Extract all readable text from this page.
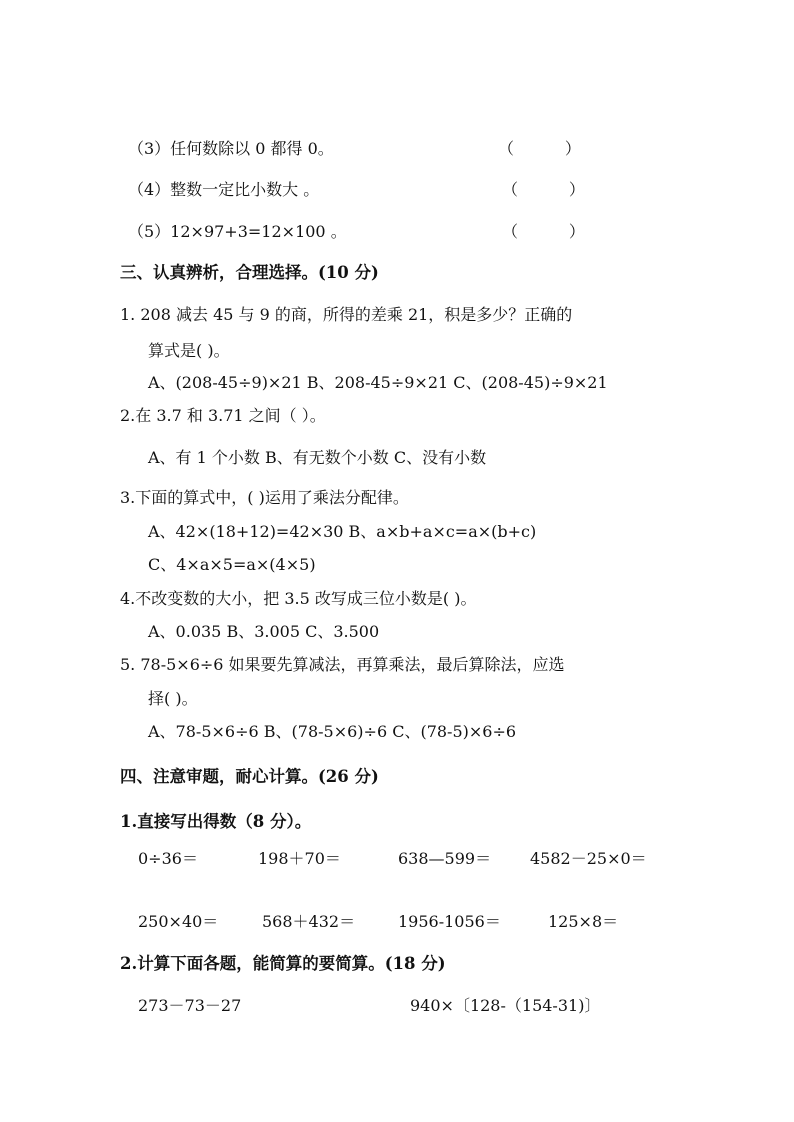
（3）任何数除以 0 都得 0。	（          ）
（4）整数一定比小数大 。	（          ）
（5）12×97+3=12×100 。	（          ）
三、认真辨析，合理选择。(10 分)
1. 208 减去 45 与 9 的商，所得的差乘 21，积是多少？正确的
算式是( )。
A、(208-45÷9)×21 B、208-45÷9×21 C、(208-45)÷9×21
2.在 3.7 和 3.71 之间（ ）。
A、有 1 个小数 B、有无数个小数 C、没有小数
3.下面的算式中，( )运用了乘法分配律。
A、42×(18+12)=42×30 B、a×b+a×c=a×(b+c)
C、4×a×5=a×(4×5)
4.不改变数的大小，把 3.5 改写成三位小数是( )。
A、0.035 B、3.005 C、3.500
5. 78-5×6÷6 如果要先算减法，再算乘法，最后算除法，应选
择( )。
A、78-5×6÷6 B、(78-5×6)÷6 C、(78-5)×6÷6
四、注意审题，耐心计算。(26 分)
1.直接写出得数（8 分）。
0÷36＝	198＋70＝	638—599＝ 4582－25×0＝
250×40＝	568＋432＝	1956-1056＝	125×8＝
2.计算下面各题，能简算的要简算。(18 分)
273－73－27	940×〔128-（154-31)〕
